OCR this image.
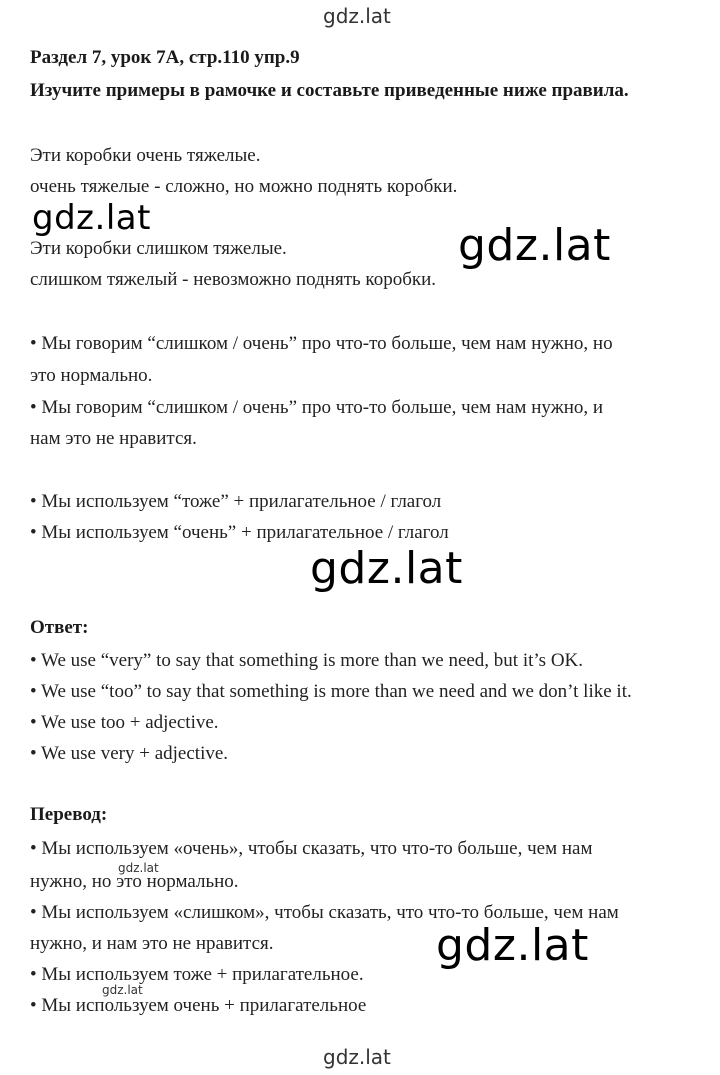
gdz.lat
Раздел 7, урок 7А, стр.110 упр.9
Изучите примеры в рамочке и составьте приведенные ниже правила.
Эти коробки очень тяжелые.
очень тяжелые - сложно, но можно поднять коробки.
gdz.lat
Эти коробки слишком тяжелые.	gdz.lat
слишком тяжелый - невозможно поднять коробки.
• Мы говорим “слишком / очень” про что-то больше, чем нам нужно, но
это нормально.
• Мы говорим “слишком / очень” про что-то больше, чем нам нужно, и
нам это не нравится.
• Мы используем “тоже” + прилагательное / глагол
• Мы используем “очень” + прилагательное / глагол
gdz.lat
Ответ:
• We use “very” to say that something is more than we need, but it’s OK.
• We use “too” to say that something is more than we need and we don’t like it.
• We use too + adjective.
• We use very + adjective.
Перевод:
• Мы используем «очень», чтобы сказать, что что-то больше, чем нам
gdz.lat
нужно, но это нормально.
• Мы используем «слишком», чтобы сказать, что что-то больше, чем нам
нужно, и нам это не нравится.	gdz.lat
• Мы используем тоже + прилагательное.
gdz.lat
• Мы используем очень + прилагательное
gdz.lat
